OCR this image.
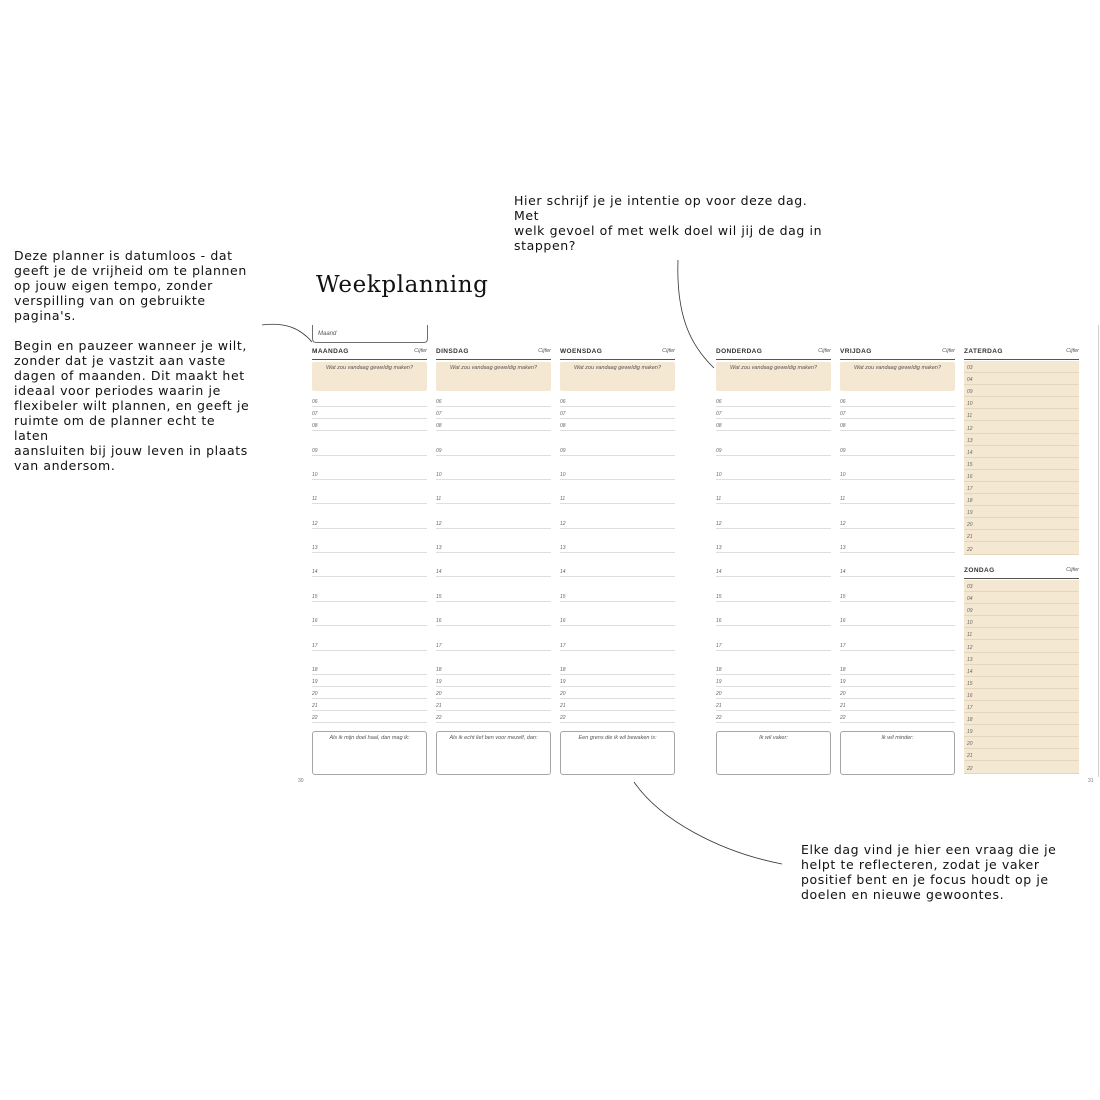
Deze planner is datumloos - dat
geeft je de vrijheid om te plannen
op jouw eigen tempo, zonder
verspilling van on gebruikte
pagina's.

Begin en pauzeer wanneer je wilt,
zonder dat je vastzit aan vaste
dagen of maanden. Dit maakt het
ideaal voor periodes waarin je
flexibeler wilt plannen, en geeft je
ruimte om de planner echt te laten
aansluiten bij jouw leven in plaats
van andersom.

Hier schrijf je je intentie op voor deze dag. Met
welk gevoel of met welk doel wil jij de dag in
stappen?

Elke dag vind je hier een vraag die je
helpt te reflecteren, zodat je vaker
positief bent en je focus houdt op je
doelen en nieuwe gewoontes.

Weekplanning
Maand
MAANDAG	Cijfer
Wat zou vandaag geweldig maken?
06
07
08
09
10
11
12
13
14
15
16
17
18
19
20
21
22
Als ik mijn doel haal, dan mag ik:
DINSDAG	Cijfer
Wat zou vandaag geweldig maken?
06
07
08
09
10
11
12
13
14
15
16
17
18
19
20
21
22
Als ik echt lief ben voor mezelf, dan:
WOENSDAG	Cijfer
Wat zou vandaag geweldig maken?
06
07
08
09
10
11
12
13
14
15
16
17
18
19
20
21
22
Een grens die ik wil bewaken is:
DONDERDAG	Cijfer
Wat zou vandaag geweldig maken?
06
07
08
09
10
11
12
13
14
15
16
17
18
19
20
21
22
Ik wil vaker:
VRIJDAG	Cijfer
Wat zou vandaag geweldig maken?
06
07
08
09
10
11
12
13
14
15
16
17
18
19
20
21
22
Ik wil minder:
ZATERDAG	Cijfer
03
04
09
10
11
12
13
14
15
16
17
18
19
20
21
22
ZONDAG	Cijfer
03
04
09
10
11
12
13
14
15
16
17
18
19
20
21
22
30	31
